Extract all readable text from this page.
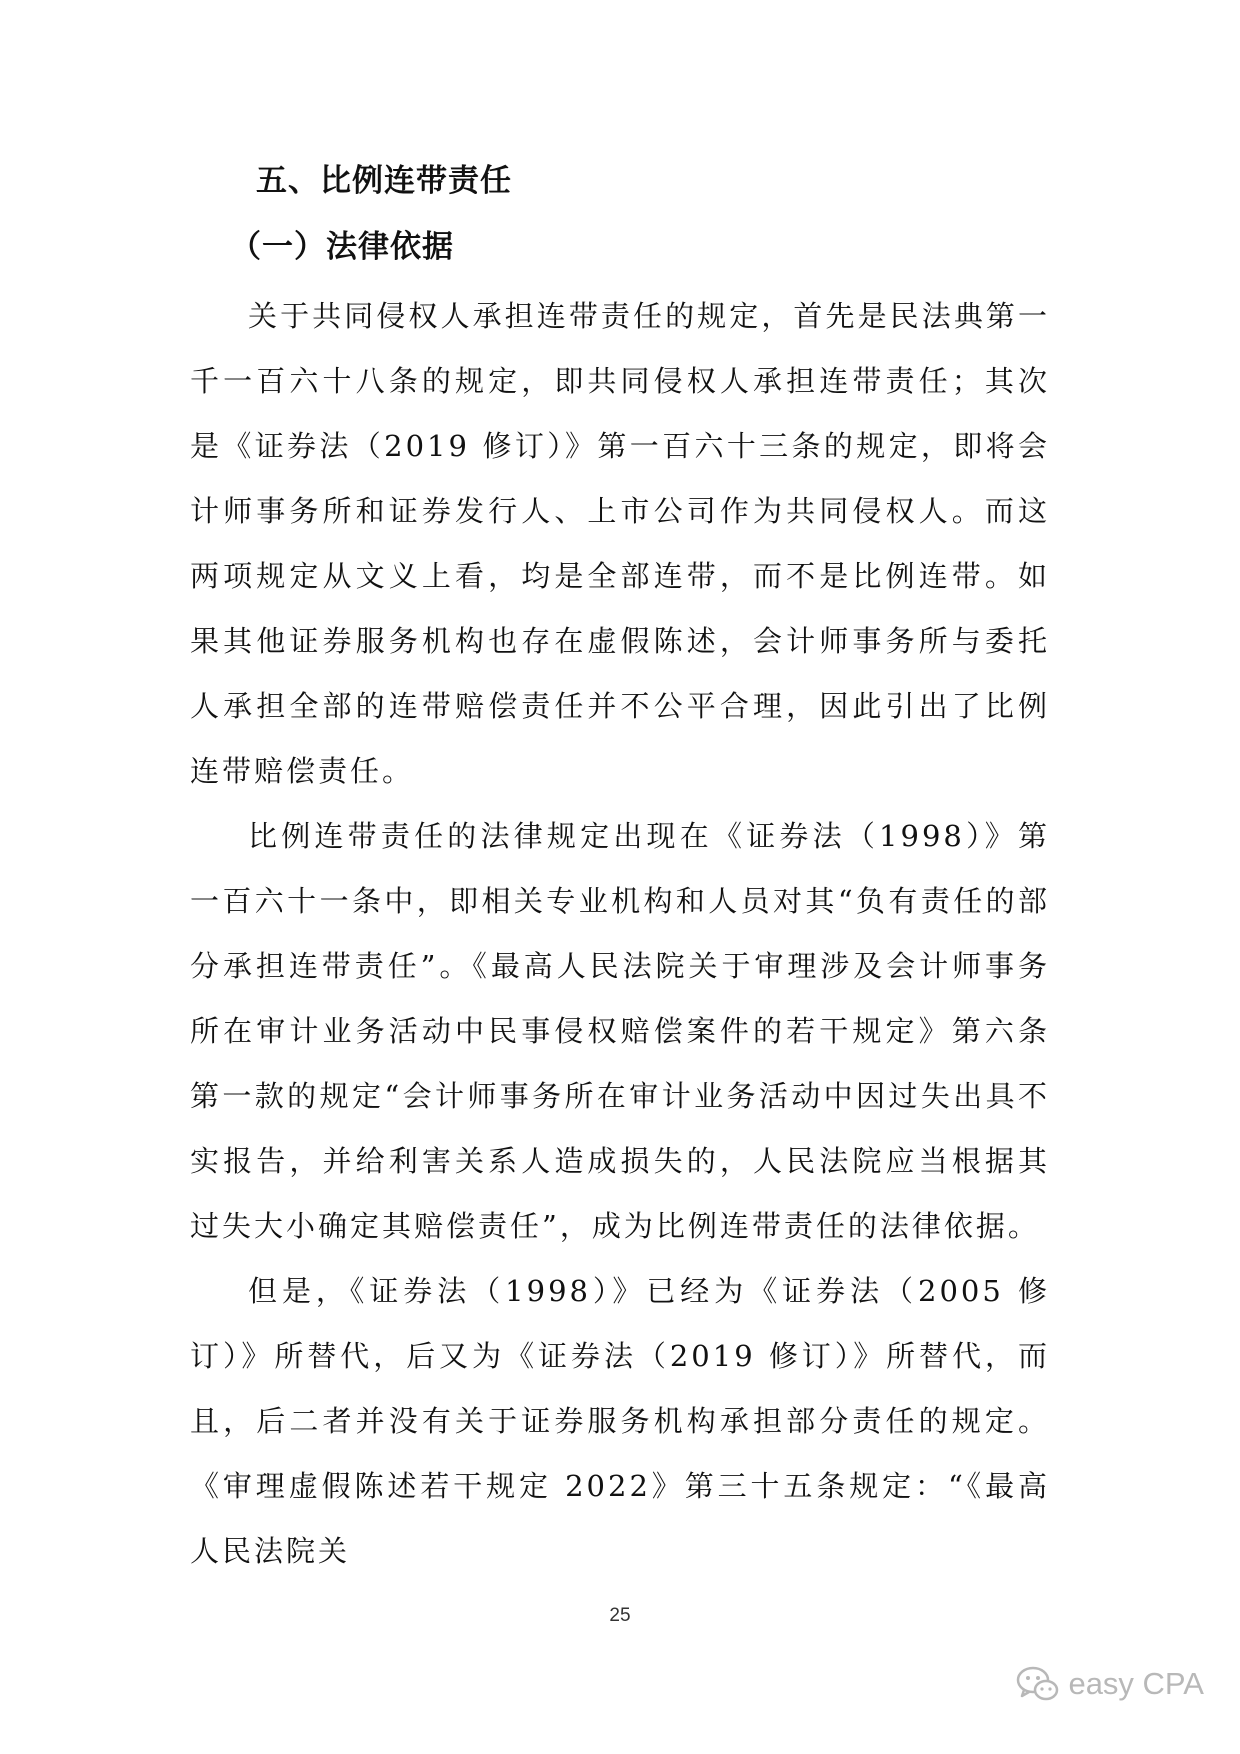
五、比例连带责任
（一）法律依据

关于共同侵权人承担连带责任的规定，首先是民法典第一千一百六十八条的规定，即共同侵权人承担连带责任；其次是《证券法（2019 修订）》第一百六十三条的规定，即将会计师事务所和证券发行人、上市公司作为共同侵权人。而这两项规定从文义上看，均是全部连带，而不是比例连带。如果其他证券服务机构也存在虚假陈述，会计师事务所与委托人承担全部的连带赔偿责任并不公平合理，因此引出了比例连带赔偿责任。

比例连带责任的法律规定出现在《证券法（1998）》第一百六十一条中，即相关专业机构和人员对其“负有责任的部分承担连带责任”。《最高人民法院关于审理涉及会计师事务所在审计业务活动中民事侵权赔偿案件的若干规定》第六条第一款的规定“会计师事务所在审计业务活动中因过失出具不实报告，并给利害关系人造成损失的，人民法院应当根据其过失大小确定其赔偿责任”，成为比例连带责任的法律依据。

但是，《证券法（1998）》已经为《证券法（2005 修订）》所替代，后又为《证券法（2019 修订）》所替代，而且，后二者并没有关于证券服务机构承担部分责任的规定。《审理虚假陈述若干规定 2022》第三十五条规定：“《最高人民法院关

25
easy CPA
